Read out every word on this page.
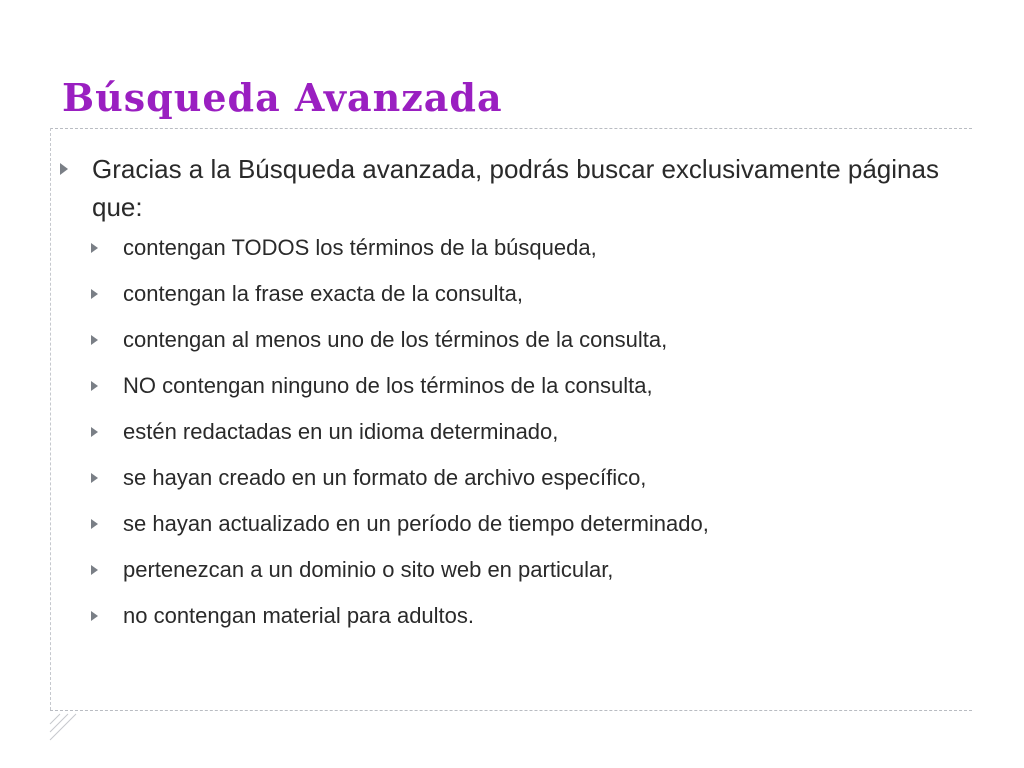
Búsqueda Avanzada

Gracias a la Búsqueda avanzada, podrás buscar exclusivamente páginas que:

contengan TODOS los términos de la búsqueda,
contengan la frase exacta de la consulta,
contengan al menos uno de los términos de la consulta,
NO contengan ninguno de los términos de la consulta,
estén redactadas en un idioma determinado,
se hayan creado en un formato de archivo específico,
se hayan actualizado en un período de tiempo determinado,
pertenezcan a un dominio o sito web en particular,
no contengan material para adultos.
